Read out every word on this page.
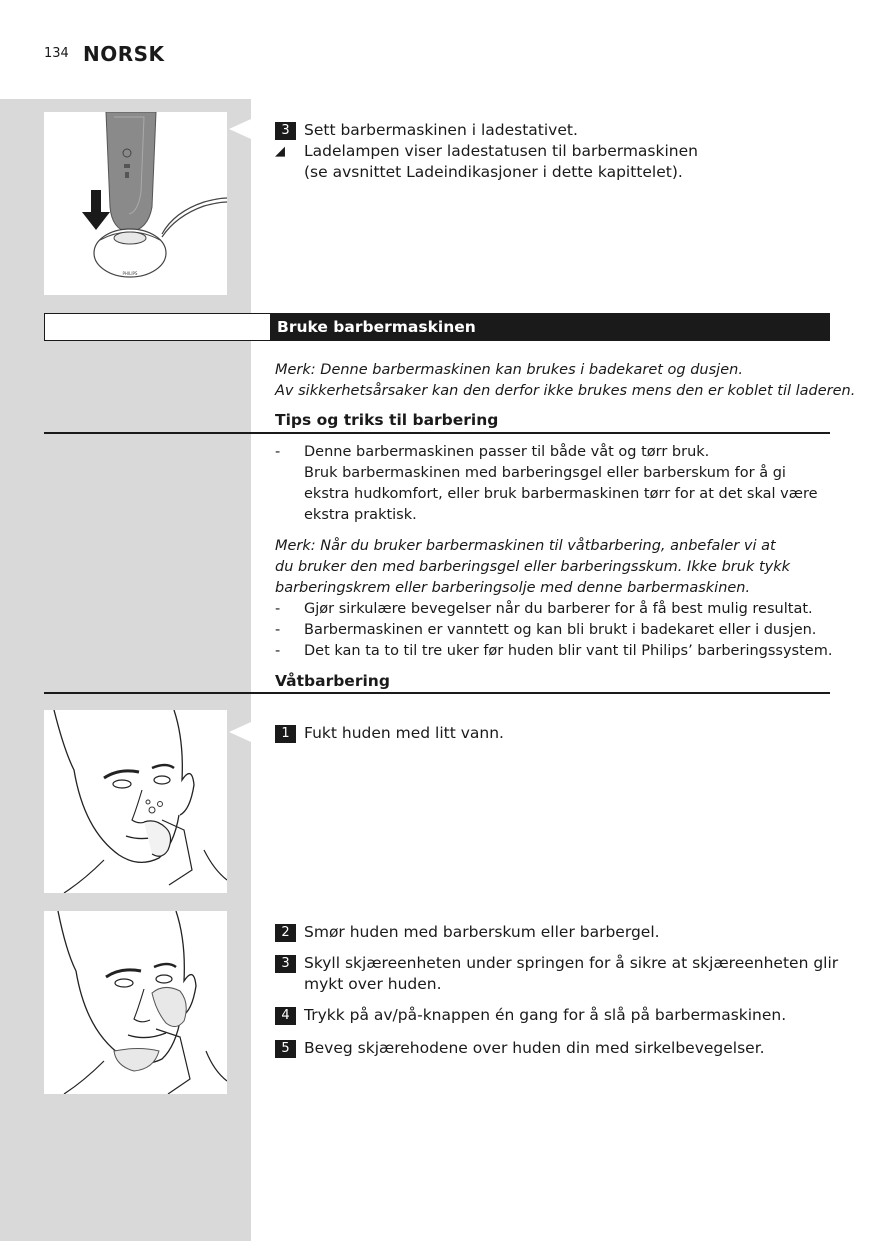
134 NORSK
PHILIPS
3 Sett barbermaskinen i ladestativet.
◢	Ladelampen viser ladestatusen til barbermaskinen
(se avsnittet Ladeindikasjoner i dette kapittelet).
Bruke barbermaskinen
Merk: Denne barbermaskinen kan brukes i badekaret og dusjen.
Av sikkerhetsårsaker kan den derfor ikke brukes mens den er koblet til laderen.
Tips og triks til barbering
-	Denne barbermaskinen passer til både våt og tørr bruk.
Bruk barbermaskinen med barberingsgel eller barberskum for å gi
ekstra hudkomfort, eller bruk barbermaskinen tørr for at det skal være
ekstra praktisk.
Merk: Når du bruker barbermaskinen til våtbarbering, anbefaler vi at
du bruker den med barberingsgel eller barberingsskum. Ikke bruk tykk
barberingskrem eller barberingsolje med denne barbermaskinen.
-	Gjør sirkulære bevegelser når du barberer for å få best mulig resultat.
-	Barbermaskinen er vanntett og kan bli brukt i badekaret eller i dusjen.
-	Det kan ta to til tre uker før huden blir vant til Philips’ barberingssystem.
Våtbarbering
1 Fukt huden med litt vann.
2 Smør huden med barberskum eller barbergel.
3 Skyll skjæreenheten under springen for å sikre at skjæreenheten glir
mykt over huden.
4 Trykk på av/på-knappen én gang for å slå på barbermaskinen.
5 Beveg skjærehodene over huden din med sirkelbevegelser.
